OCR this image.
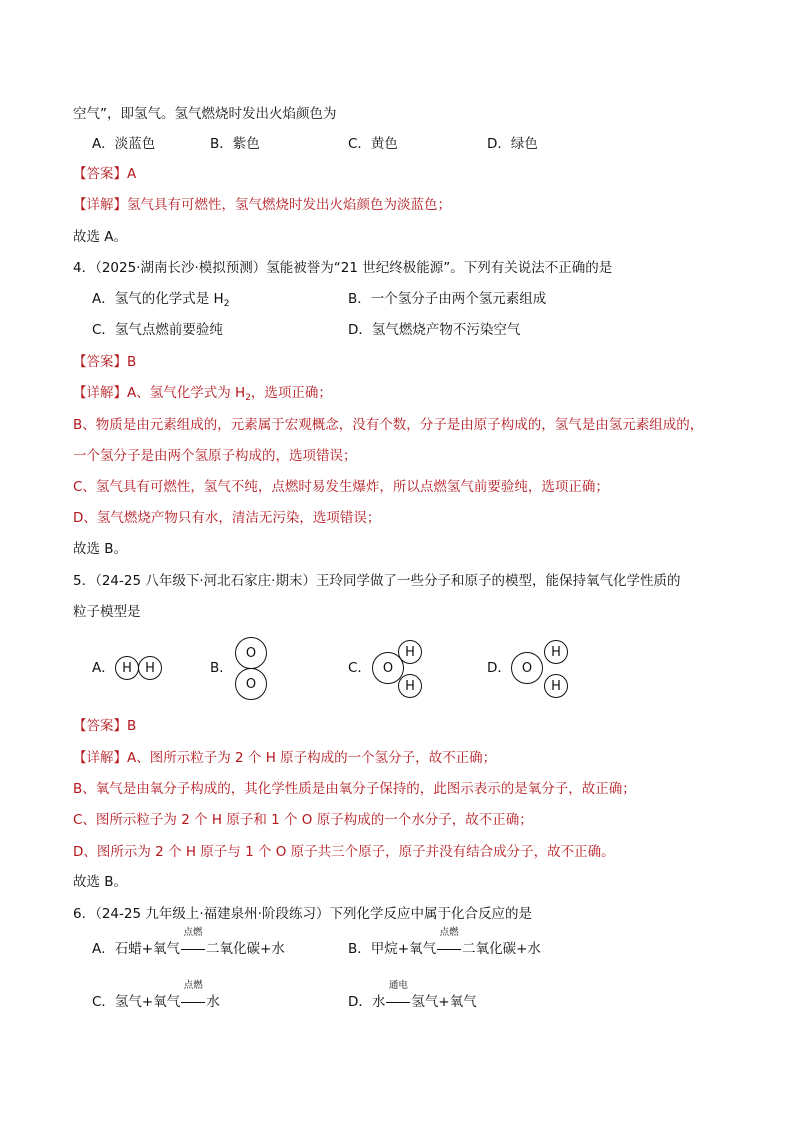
空气”，即氢气。氢气燃烧时发出火焰颜色为
A．淡蓝色	B．紫色	C．黄色	D．绿色
【答案】A
【详解】氢气具有可燃性，氢气燃烧时发出火焰颜色为淡蓝色；
故选 A。
4．（2025·湖南长沙·模拟预测）氢能被誉为“21 世纪终极能源”。下列有关说法不正确的是
A．氢气的化学式是 $H_2$	B．一个氢分子由两个氢元素组成
C．氢气点燃前要验纯	D．氢气燃烧产物不污染空气
【答案】B
【详解】A、氢气化学式为 $H_2$，选项正确；
B、物质是由元素组成的，元素属于宏观概念，没有个数，分子是由原子构成的，氢气是由氢元素组成的，
一个氢分子是由两个氢原子构成的，选项错误；
C、氢气具有可燃性，氢气不纯，点燃时易发生爆炸，所以点燃氢气前要验纯，选项正确；
D、氢气燃烧产物只有水，清洁无污染，选项错误；
故选 B。
5．（24-25 八年级下·河北石家庄·期末）王玲同学做了一些分子和原子的模型，能保持氧气化学性质的
粒子模型是
A． H	H	B．
O
O
C． O
H
H
D． O
H
H
【答案】B
【详解】A、图所示粒子为 2 个 H 原子构成的一个氢分子，故不正确；
B、氧气是由氧分子构成的，其化学性质是由氧分子保持的，此图示表示的是氧分子，故正确；
C、图所示粒子为 2 个 H 原子和 1 个 O 原子构成的一个水分子，故不正确；
D、图所示为 2 个 H 原子与 1 个 O 原子共三个原子，原子并没有结合成分子，故不正确。
故选 B。
6．（24-25 九年级上·福建泉州·阶段练习）下列化学反应中属于化合反应的是
A．石蜡+氧气
点燃
二氧化碳+水	B．甲烷+氧气
点燃
二氧化碳+水
C．氢气+氧气
点燃
水	D．水
通电
氢气+氧气
